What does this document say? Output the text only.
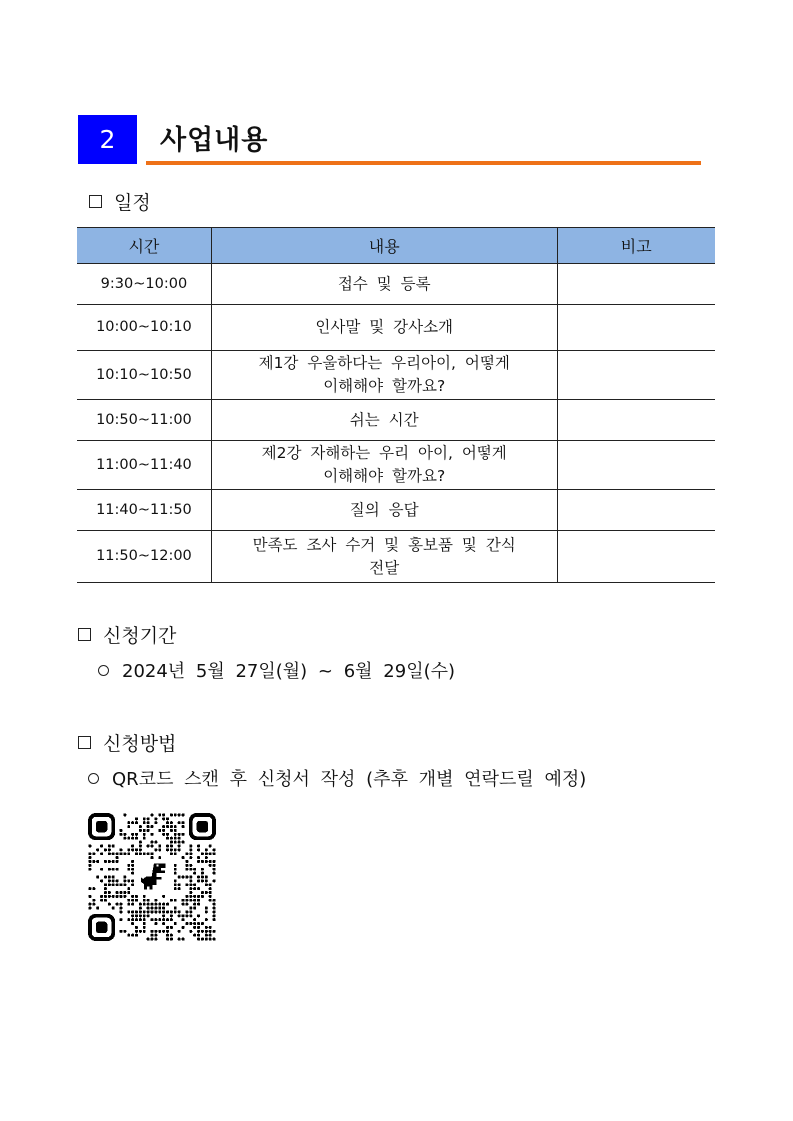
2	사업내용
일정
시간	내용	비고
9:30~10:00	접수 및 등록	

10:00~10:10	인사말 및 강사소개	

10:10~10:50	제1강 우울하다는 우리아이, 어떻게
이해해야 할까요?	

10:50~11:00	쉬는 시간	

11:00~11:40	제2강 자해하는 우리 아이, 어떻게
이해해야 할까요?	

11:40~11:50	질의 응답	

11:50~12:00	만족도 조사 수거 및 홍보품 및 간식
전달	

신청기간
2024년 5월 27일(월) ~ 6월 29일(수)
신청방법
QR코드 스캔 후 신청서 작성 (추후 개별 연락드릴 예정)
